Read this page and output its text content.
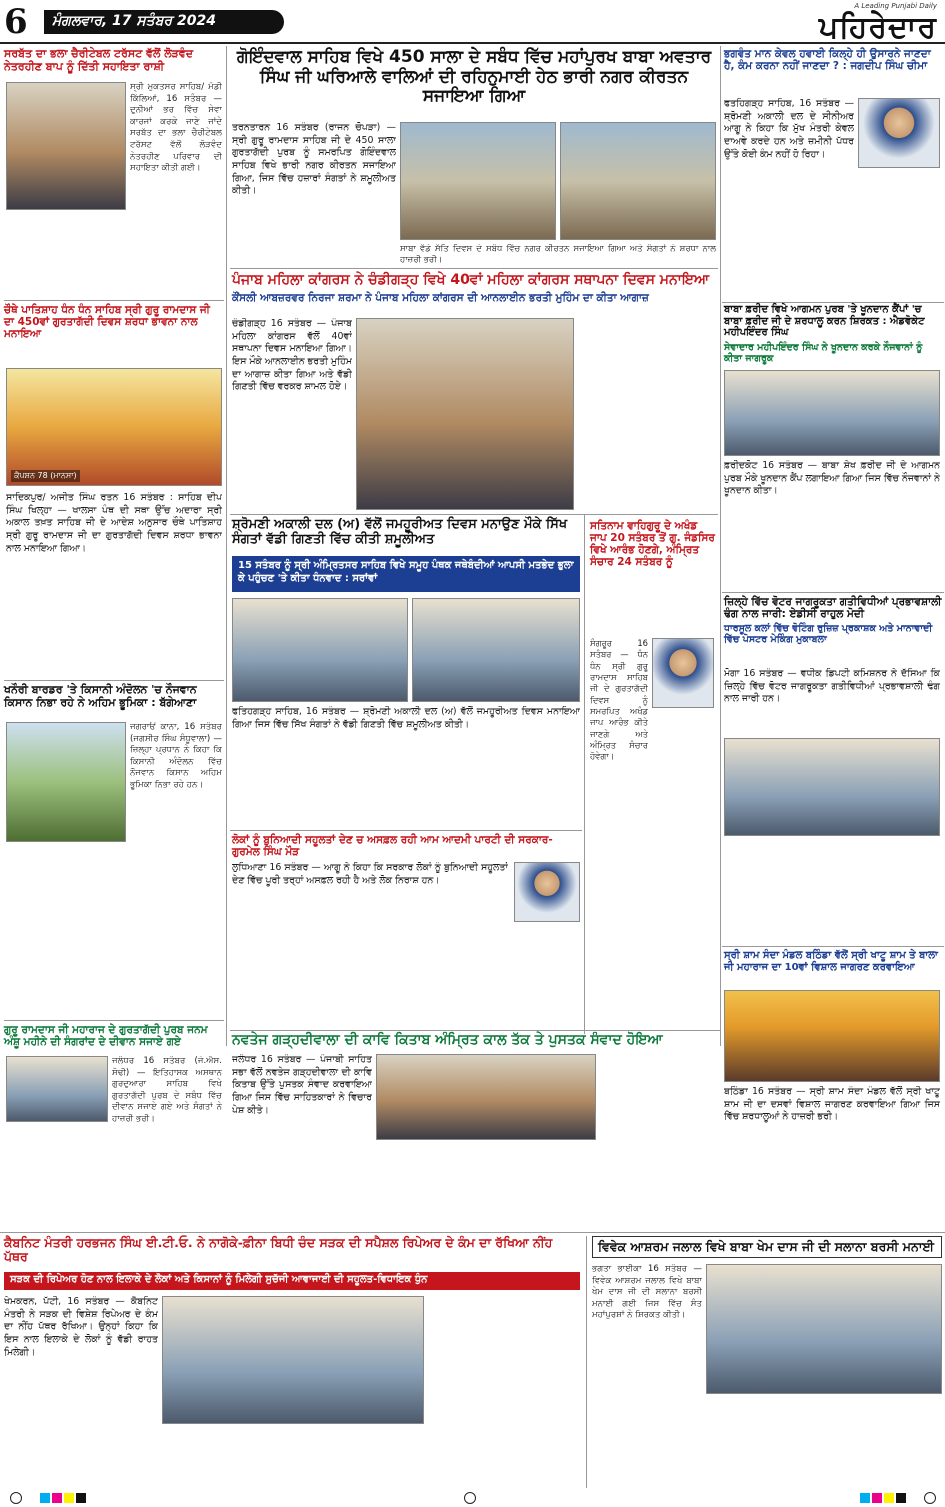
6	ਮੰਗਲਵਾਰ, 17 ਸਤੰਬਰ 2024
A Leading Punjabi Daily
ਪਹਿਰੇਦਾਰ
ਸਰਬੱਤ ਦਾ ਭਲਾ ਚੈਰੀਟੇਬਲ ਟਰੱਸਟ ਵੱਲੋਂ ਲੋੜਵੰਦ ਨੇਤਰਹੀਣ ਬਾਪ ਨੂੰ ਦਿੱਤੀ ਸਹਾਇਤਾ ਰਾਸ਼ੀ
ਸ੍ਰੀ ਮੁਕਤਸਰ ਸਾਹਿਬ/ ਮੰਡੀ ਕਿੱਲਿਆਂ, 16 ਸਤੰਬਰ — ਦੁਨੀਆਂ ਭਰ ਵਿੱਚ ਸੇਵਾ ਕਾਰਜਾਂ ਕਰਕੇ ਜਾਣੇ ਜਾਂਦੇ ਸਰਬੱਤ ਦਾ ਭਲਾ ਚੈਰੀਟੇਬਲ ਟਰੱਸਟ ਵੱਲੋਂ ਲੋੜਵੰਦ ਨੇਤਰਹੀਣ ਪਰਿਵਾਰ ਦੀ ਸਹਾਇਤਾ ਕੀਤੀ ਗਈ।
ਚੌਥੇ ਪਾਤਿਸ਼ਾਹ ਧੰਨ ਧੰਨ ਸਾਹਿਬ ਸ੍ਰੀ ਗੁਰੂ ਰਾਮਦਾਸ ਜੀ ਦਾ 450ਵਾਂ ਗੁਰਤਾਗੱਦੀ ਦਿਵਸ ਸ਼ਰਧਾ ਭਾਵਨਾ ਨਾਲ ਮਨਾਇਆ
ਕੈਪਸ਼ਨ 78 (ਮਾਨਸਾ)
ਸਾਦਿਕਪੁਰ/ ਅਜੀਤ ਸਿੰਘ ਰਤਨ 16 ਸਤੰਬਰ : ਸਾਹਿਬ ਦੀਪ ਸਿੰਘ ਖਿਲ੍ਹਾ — ਖਾਲਸਾ ਪੰਥ ਦੀ ਸਥਾ ਉੱਚ ਅਦਾਰਾ ਸ੍ਰੀ ਅਕਾਲ ਤਖ਼ਤ ਸਾਹਿਬ ਜੀ ਦੇ ਆਦੇਸ਼ ਅਨੁਸਾਰ ਚੌਥੇ ਪਾਤਿਸ਼ਾਹ ਸ੍ਰੀ ਗੁਰੂ ਰਾਮਦਾਸ ਜੀ ਦਾ ਗੁਰਤਾਗੱਦੀ ਦਿਵਸ ਸ਼ਰਧਾ ਭਾਵਨਾ ਨਾਲ ਮਨਾਇਆ ਗਿਆ।
ਖਨੌਰੀ ਬਾਰਡਰ 'ਤੇ ਕਿਸਾਨੀ ਅੰਦੋਲਨ 'ਚ ਨੌਜਵਾਨ ਕਿਸਾਨ ਨਿਭਾ ਰਹੇ ਨੇ ਅਹਿਮ ਭੂਮਿਕਾ : ਬੱਗੇਆਣਾ
ਜਗਰਾਓਂ ਕਾਨਾ, 16 ਸਤੰਬਰ (ਜਗਸੀਰ ਸਿੰਘ ਸੰਧੂਵਾਲਾ) — ਜ਼ਿਲ੍ਹਾ ਪ੍ਰਧਾਨ ਨੇ ਕਿਹਾ ਕਿ ਕਿਸਾਨੀ ਅੰਦੋਲਨ ਵਿੱਚ ਨੌਜਵਾਨ ਕਿਸਾਨ ਅਹਿਮ ਭੂਮਿਕਾ ਨਿਭਾ ਰਹੇ ਹਨ।
ਗੁਰੂ ਰਾਮਦਾਸ ਜੀ ਮਹਾਰਾਜ ਦੇ ਗੁਰਤਾਗੱਦੀ ਪੁਰਬ ਜਨਮ ਅੰਸ਼ੂ ਮਹੀਨੇ ਦੀ ਸੰਗਰਾਂਦ ਦੇ ਦੀਵਾਨ ਸਜਾਏ ਗਏ
ਜਲੰਧਰ 16 ਸਤੰਬਰ (ਜੇ.ਐਸ. ਸੋਢੀ) — ਇਤਿਹਾਸਕ ਅਸਥਾਨ ਗੁਰਦੁਆਰਾ ਸਾਹਿਬ ਵਿਖੇ ਗੁਰਤਾਗੱਦੀ ਪੁਰਬ ਦੇ ਸਬੰਧ ਵਿੱਚ ਦੀਵਾਨ ਸਜਾਏ ਗਏ ਅਤੇ ਸੰਗਤਾਂ ਨੇ ਹਾਜ਼ਰੀ ਭਰੀ।
ਗੋਇੰਦਵਾਲ ਸਾਹਿਬ ਵਿਖੇ 450 ਸਾਲਾ ਦੇ ਸਬੰਧ ਵਿੱਚ ਮਹਾਂਪੁਰਖ ਬਾਬਾ ਅਵਤਾਰ ਸਿੰਘ ਜੀ ਘਰਿਆਲੇ ਵਾਲਿਆਂ ਦੀ ਰਹਿਨੁਮਾਈ ਹੇਠ ਭਾਰੀ ਨਗਰ ਕੀਰਤਨ ਸਜਾਇਆ ਗਿਆ
ਤਰਨਤਾਰਨ 16 ਸਤੰਬਰ (ਰਾਜਨ ਚੋਪੜਾ) — ਸ੍ਰੀ ਗੁਰੂ ਰਾਮਦਾਸ ਸਾਹਿਬ ਜੀ ਦੇ 450 ਸਾਲਾ ਗੁਰਤਾਗੱਦੀ ਪੁਰਬ ਨੂੰ ਸਮਰਪਿਤ ਗੋਇੰਦਵਾਲ ਸਾਹਿਬ ਵਿਖੇ ਭਾਰੀ ਨਗਰ ਕੀਰਤਨ ਸਜਾਇਆ ਗਿਆ, ਜਿਸ ਵਿੱਚ ਹਜ਼ਾਰਾਂ ਸੰਗਤਾਂ ਨੇ ਸ਼ਮੂਲੀਅਤ ਕੀਤੀ।
ਸਾਬਾ ਵੱਡੇ ਸੱਤਿ ਦਿਵਸ ਦੇ ਸਬੰਧ ਵਿੱਚ ਨਗਰ ਕੀਰਤਨ ਸਜਾਇਆ ਗਿਆ ਅਤੇ ਸੰਗਤਾਂ ਨੇ ਸ਼ਰਧਾ ਨਾਲ ਹਾਜ਼ਰੀ ਭਰੀ।
ਪੰਜਾਬ ਮਹਿਲਾ ਕਾਂਗਰਸ ਨੇ ਚੰਡੀਗੜ੍ਹ ਵਿਖੇ 40ਵਾਂ ਮਹਿਲਾ ਕਾਂਗਰਸ ਸਥਾਪਨਾ ਦਿਵਸ ਮਨਾਇਆ
ਕੌਂਸਲੀ ਆਬਜ਼ਰਵਰ ਨਿਰਜਾ ਸ਼ਰਮਾ ਨੇ ਪੰਜਾਬ ਮਹਿਲਾ ਕਾਂਗਰਸ ਦੀ ਆਨਲਾਈਨ ਭਰਤੀ ਮੁਹਿੰਮ ਦਾ ਕੀਤਾ ਆਗਾਜ਼
ਚੰਡੀਗੜ੍ਹ 16 ਸਤੰਬਰ — ਪੰਜਾਬ ਮਹਿਲਾ ਕਾਂਗਰਸ ਵੱਲੋਂ 40ਵਾਂ ਸਥਾਪਨਾ ਦਿਵਸ ਮਨਾਇਆ ਗਿਆ। ਇਸ ਮੌਕੇ ਆਨਲਾਈਨ ਭਰਤੀ ਮੁਹਿੰਮ ਦਾ ਆਗਾਜ਼ ਕੀਤਾ ਗਿਆ ਅਤੇ ਵੱਡੀ ਗਿਣਤੀ ਵਿੱਚ ਵਰਕਰ ਸ਼ਾਮਲ ਹੋਏ।
ਸ਼੍ਰੋਮਣੀ ਅਕਾਲੀ ਦਲ (ਅ) ਵੱਲੋਂ ਜਮਹੂਰੀਅਤ ਦਿਵਸ ਮਨਾਉਣ ਮੌਕੇ ਸਿੱਖ ਸੰਗਤਾਂ ਵੱਡੀ ਗਿਣਤੀ ਵਿੱਚ ਕੀਤੀ ਸ਼ਮੂਲੀਅਤ
15 ਸਤੰਬਰ ਨੂੰ ਸ੍ਰੀ ਅੰਮ੍ਰਿਤਸਰ ਸਾਹਿਬ ਵਿਖੇ ਸਮੂਹ ਪੰਥਕ ਜਥੇਬੰਦੀਆਂ ਆਪਸੀ ਮਤਭੇਦ ਭੁਲਾ ਕੇ ਪਹੁੰਚਣ 'ਤੇ ਕੀਤਾ ਧੰਨਵਾਦ : ਸਰਾਂਵਾਂ
ਫਤਿਹਗੜ੍ਹ ਸਾਹਿਬ, 16 ਸਤੰਬਰ — ਸ਼੍ਰੋਮਣੀ ਅਕਾਲੀ ਦਲ (ਅ) ਵੱਲੋਂ ਜਮਹੂਰੀਅਤ ਦਿਵਸ ਮਨਾਇਆ ਗਿਆ ਜਿਸ ਵਿੱਚ ਸਿੱਖ ਸੰਗਤਾਂ ਨੇ ਵੱਡੀ ਗਿਣਤੀ ਵਿੱਚ ਸ਼ਮੂਲੀਅਤ ਕੀਤੀ।
ਸਤਿਨਾਮ ਵਾਹਿਗੁਰੂ ਦੇ ਅਖੰਡ ਜਾਪ 20 ਸਤੰਬਰ ਤੋਂ ਗੁ. ਜੰਡਸਿਰ ਵਿਖੇ ਆਰੰਭ ਹੋਣਗੇ, ਅੰਮ੍ਰਿਤ ਸੰਚਾਰ 24 ਸਤੰਬਰ ਨੂੰ
ਸੰਗਰੂਰ 16 ਸਤੰਬਰ — ਧੰਨ ਧੰਨ ਸ੍ਰੀ ਗੁਰੂ ਰਾਮਦਾਸ ਸਾਹਿਬ ਜੀ ਦੇ ਗੁਰਤਾਗੱਦੀ ਦਿਵਸ ਨੂੰ ਸਮਰਪਿਤ ਅਖੰਡ ਜਾਪ ਆਰੰਭ ਕੀਤੇ ਜਾਣਗੇ ਅਤੇ ਅੰਮ੍ਰਿਤ ਸੰਚਾਰ ਹੋਵੇਗਾ।
ਲੋਕਾਂ ਨੂੰ ਬੁਨਿਆਦੀ ਸਹੂਲਤਾਂ ਦੇਣ ਚ ਅਸਫ਼ਲ ਰਹੀ ਆਮ ਆਦਮੀ ਪਾਰਟੀ ਦੀ ਸਰਕਾਰ- ਗੁਰਮੇਲ ਸਿੰਘ ਮੌੜ
ਲੁਧਿਆਣਾ 16 ਸਤੰਬਰ — ਆਗੂ ਨੇ ਕਿਹਾ ਕਿ ਸਰਕਾਰ ਲੋਕਾਂ ਨੂੰ ਬੁਨਿਆਦੀ ਸਹੂਲਤਾਂ ਦੇਣ ਵਿੱਚ ਪੂਰੀ ਤਰ੍ਹਾਂ ਅਸਫ਼ਲ ਰਹੀ ਹੈ ਅਤੇ ਲੋਕ ਨਿਰਾਸ਼ ਹਨ।
ਨਵਤੇਜ ਗੜ੍ਹਦੀਵਾਲਾ ਦੀ ਕਾਵਿ ਕਿਤਾਬ ਅੰਮ੍ਰਿਤ ਕਾਲ ਤੱਕ ਤੇ ਪੁਸਤਕ ਸੰਵਾਦ ਹੋਇਆ
ਜਲੰਧਰ 16 ਸਤੰਬਰ — ਪੰਜਾਬੀ ਸਾਹਿਤ ਸਭਾ ਵੱਲੋਂ ਨਵਤੇਜ ਗੜ੍ਹਦੀਵਾਲਾ ਦੀ ਕਾਵਿ ਕਿਤਾਬ ਉੱਤੇ ਪੁਸਤਕ ਸੰਵਾਦ ਕਰਵਾਇਆ ਗਿਆ ਜਿਸ ਵਿੱਚ ਸਾਹਿਤਕਾਰਾਂ ਨੇ ਵਿਚਾਰ ਪੇਸ਼ ਕੀਤੇ।
ਭਗਵੰਤ ਮਾਨ ਕੇਵਲ ਹਵਾਈ ਕਿਲ੍ਹੇ ਹੀ ਉਸਾਰਨੇ ਜਾਣਦਾ ਹੈ, ਕੰਮ ਕਰਨਾ ਨਹੀਂ ਜਾਣਦਾ ? : ਜਗਦੀਪ ਸਿੰਘ ਚੀਮਾ
ਫਤਹਿਗੜ੍ਹ ਸਾਹਿਬ, 16 ਸਤੰਬਰ — ਸ਼੍ਰੋਮਣੀ ਅਕਾਲੀ ਦਲ ਦੇ ਸੀਨੀਅਰ ਆਗੂ ਨੇ ਕਿਹਾ ਕਿ ਮੁੱਖ ਮੰਤਰੀ ਕੇਵਲ ਦਾਅਵੇ ਕਰਦੇ ਹਨ ਅਤੇ ਜ਼ਮੀਨੀ ਪੱਧਰ ਉੱਤੇ ਕੋਈ ਕੰਮ ਨਹੀਂ ਹੋ ਰਿਹਾ।
ਬਾਬਾ ਫ਼ਰੀਦ ਵਿਖੇ ਆਗਮਨ ਪੁਰਬ 'ਤੇ ਖੂਨਦਾਨ ਕੈਂਪਾਂ 'ਚ ਬਾਬਾ ਫ਼ਰੀਦ ਜੀ ਦੇ ਸ਼ਰਧਾਲੂ ਕਰਨ ਸ਼ਿਰਕਤ : ਐਡਵੋਕੇਟ ਮਹੀਪਇੰਦਰ ਸਿੰਘ
ਸੇਵਾਦਾਰ ਮਹੀਪਇੰਦਰ ਸਿੰਘ ਨੇ ਖੂਨਦਾਨ ਕਰਕੇ ਨੌਜਵਾਨਾਂ ਨੂੰ ਕੀਤਾ ਜਾਗਰੂਕ
ਫ਼ਰੀਦਕੋਟ 16 ਸਤੰਬਰ — ਬਾਬਾ ਸ਼ੇਖ ਫ਼ਰੀਦ ਜੀ ਦੇ ਆਗਮਨ ਪੁਰਬ ਮੌਕੇ ਖੂਨਦਾਨ ਕੈਂਪ ਲਗਾਇਆ ਗਿਆ ਜਿਸ ਵਿੱਚ ਨੌਜਵਾਨਾਂ ਨੇ ਖੂਨਦਾਨ ਕੀਤਾ।
ਜ਼ਿਲ੍ਹੇ ਵਿੱਚ ਵੋਟਰ ਜਾਗਰੂਕਤਾ ਗਤੀਵਿਧੀਆਂ ਪ੍ਰਭਾਵਸ਼ਾਲੀ ਢੰਗ ਨਾਲ ਜਾਰੀ: ਏਡੀਸੀ ਰਾਹੁਲ ਮੋਦੀ
ਧਾਰਸੂਲ ਕਲਾਂ ਵਿੱਚ ਵੋਟਿੰਗ ਰੁਜ਼ਿਜ਼ ਪ੍ਰਕਾਸ਼ਕ ਅਤੇ ਮਾਨਾਵਾਦੀ ਵਿੱਚ ਪੋਸਟਰ ਮੇਕਿੰਗ ਮੁਕਾਬਲਾ
ਮੋਗਾ 16 ਸਤੰਬਰ — ਵਧੀਕ ਡਿਪਟੀ ਕਮਿਸ਼ਨਰ ਨੇ ਦੱਸਿਆ ਕਿ ਜ਼ਿਲ੍ਹੇ ਵਿੱਚ ਵੋਟਰ ਜਾਗਰੂਕਤਾ ਗਤੀਵਿਧੀਆਂ ਪ੍ਰਭਾਵਸ਼ਾਲੀ ਢੰਗ ਨਾਲ ਜਾਰੀ ਹਨ।
ਸ੍ਰੀ ਸ਼ਾਮ ਸੰਦਾ ਮੰਡਲ ਬਠਿੰਡਾ ਵੱਲੋਂ ਸ੍ਰੀ ਖਾਟੂ ਸ਼ਾਮ ਤੇ ਬਾਲਾ ਜੀ ਮਹਾਰਾਜ ਦਾ 10ਵਾਂ ਵਿਸ਼ਾਲ ਜਾਗਰਣ ਕਰਵਾਇਆ
ਬਠਿੰਡਾ 16 ਸਤੰਬਰ — ਸ੍ਰੀ ਸ਼ਾਮ ਸੰਦਾ ਮੰਡਲ ਵੱਲੋਂ ਸ੍ਰੀ ਖਾਟੂ ਸ਼ਾਮ ਜੀ ਦਾ ਦਸਵਾਂ ਵਿਸ਼ਾਲ ਜਾਗਰਣ ਕਰਵਾਇਆ ਗਿਆ ਜਿਸ ਵਿੱਚ ਸ਼ਰਧਾਲੂਆਂ ਨੇ ਹਾਜ਼ਰੀ ਭਰੀ।
ਕੈਬਨਿਟ ਮੰਤਰੀ ਹਰਭਜਨ ਸਿੰਘ ਈ.ਟੀ.ਓ. ਨੇ ਨਾਗੋਕੇ-ਫ਼ੀਨਾ ਬਿਧੀ ਚੰਦ ਸੜਕ ਦੀ ਸਪੈਸ਼ਲ ਰਿਪੇਅਰ ਦੇ ਕੰਮ ਦਾ ਰੱਖਿਆ ਨੀਂਹ ਪੱਥਰ
ਸੜਕ ਦੀ ਰਿਪੇਅਰ ਹੋਣ ਨਾਲ ਇਲਾਕੇ ਦੇ ਲੋਕਾਂ ਅਤੇ ਕਿਸਾਨਾਂ ਨੂੰ ਮਿਲੇਗੀ ਸੁਚੱਜੀ ਆਵਾਜਾਈ ਦੀ ਸਹੂਲਤ-ਵਿਧਾਇਕ ਧੁੰਨ
ਖੇਮਕਰਨ, ਪੱਟੀ, 16 ਸਤੰਬਰ — ਕੈਬਨਿਟ ਮੰਤਰੀ ਨੇ ਸੜਕ ਦੀ ਵਿਸ਼ੇਸ਼ ਰਿਪੇਅਰ ਦੇ ਕੰਮ ਦਾ ਨੀਂਹ ਪੱਥਰ ਰੱਖਿਆ। ਉਨ੍ਹਾਂ ਕਿਹਾ ਕਿ ਇਸ ਨਾਲ ਇਲਾਕੇ ਦੇ ਲੋਕਾਂ ਨੂੰ ਵੱਡੀ ਰਾਹਤ ਮਿਲੇਗੀ।
ਵਿਵੇਕ ਆਸ਼ਰਮ ਜਲਾਲ ਵਿਖੇ ਬਾਬਾ ਖੇਮ ਦਾਸ ਜੀ ਦੀ ਸਲਾਨਾ ਬਰਸੀ ਮਨਾਈ
ਭਗਤਾ ਭਾਈਕਾ 16 ਸਤੰਬਰ — ਵਿਵੇਕ ਆਸ਼ਰਮ ਜਲਾਲ ਵਿਖੇ ਬਾਬਾ ਖੇਮ ਦਾਸ ਜੀ ਦੀ ਸਲਾਨਾ ਬਰਸੀ ਮਨਾਈ ਗਈ ਜਿਸ ਵਿੱਚ ਸੰਤ ਮਹਾਂਪੁਰਸ਼ਾਂ ਨੇ ਸ਼ਿਰਕਤ ਕੀਤੀ।
